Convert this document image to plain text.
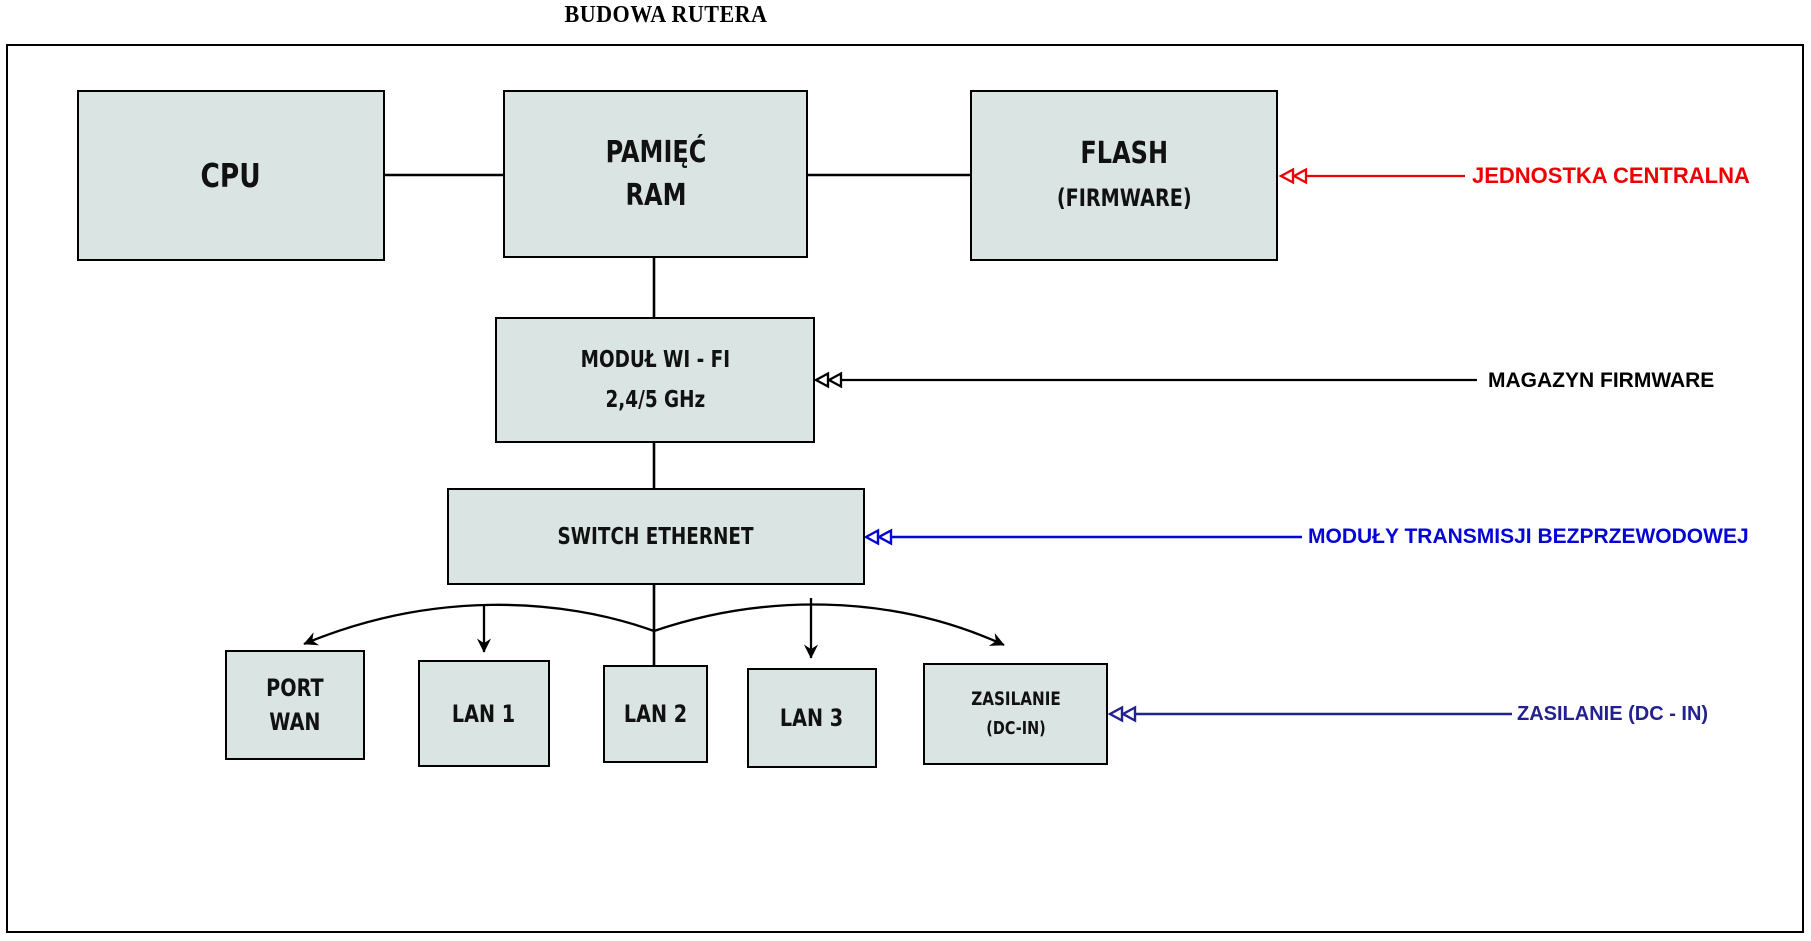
BUDOWA RUTERA
CPU
PAMIĘĆ
RAM
FLASH
(FIRMWARE)
MODUŁ WI - FI
2,4/5 GHz
SWITCH ETHERNET
PORT
WAN	LAN 1	LAN 2	LAN 3
ZASILANIE
(DC-IN)
JEDNOSTKA CENTRALNA
MAGAZYN FIRMWARE
MODUŁY TRANSMISJI BEZPRZEWODOWEJ
ZASILANIE (DC - IN)
